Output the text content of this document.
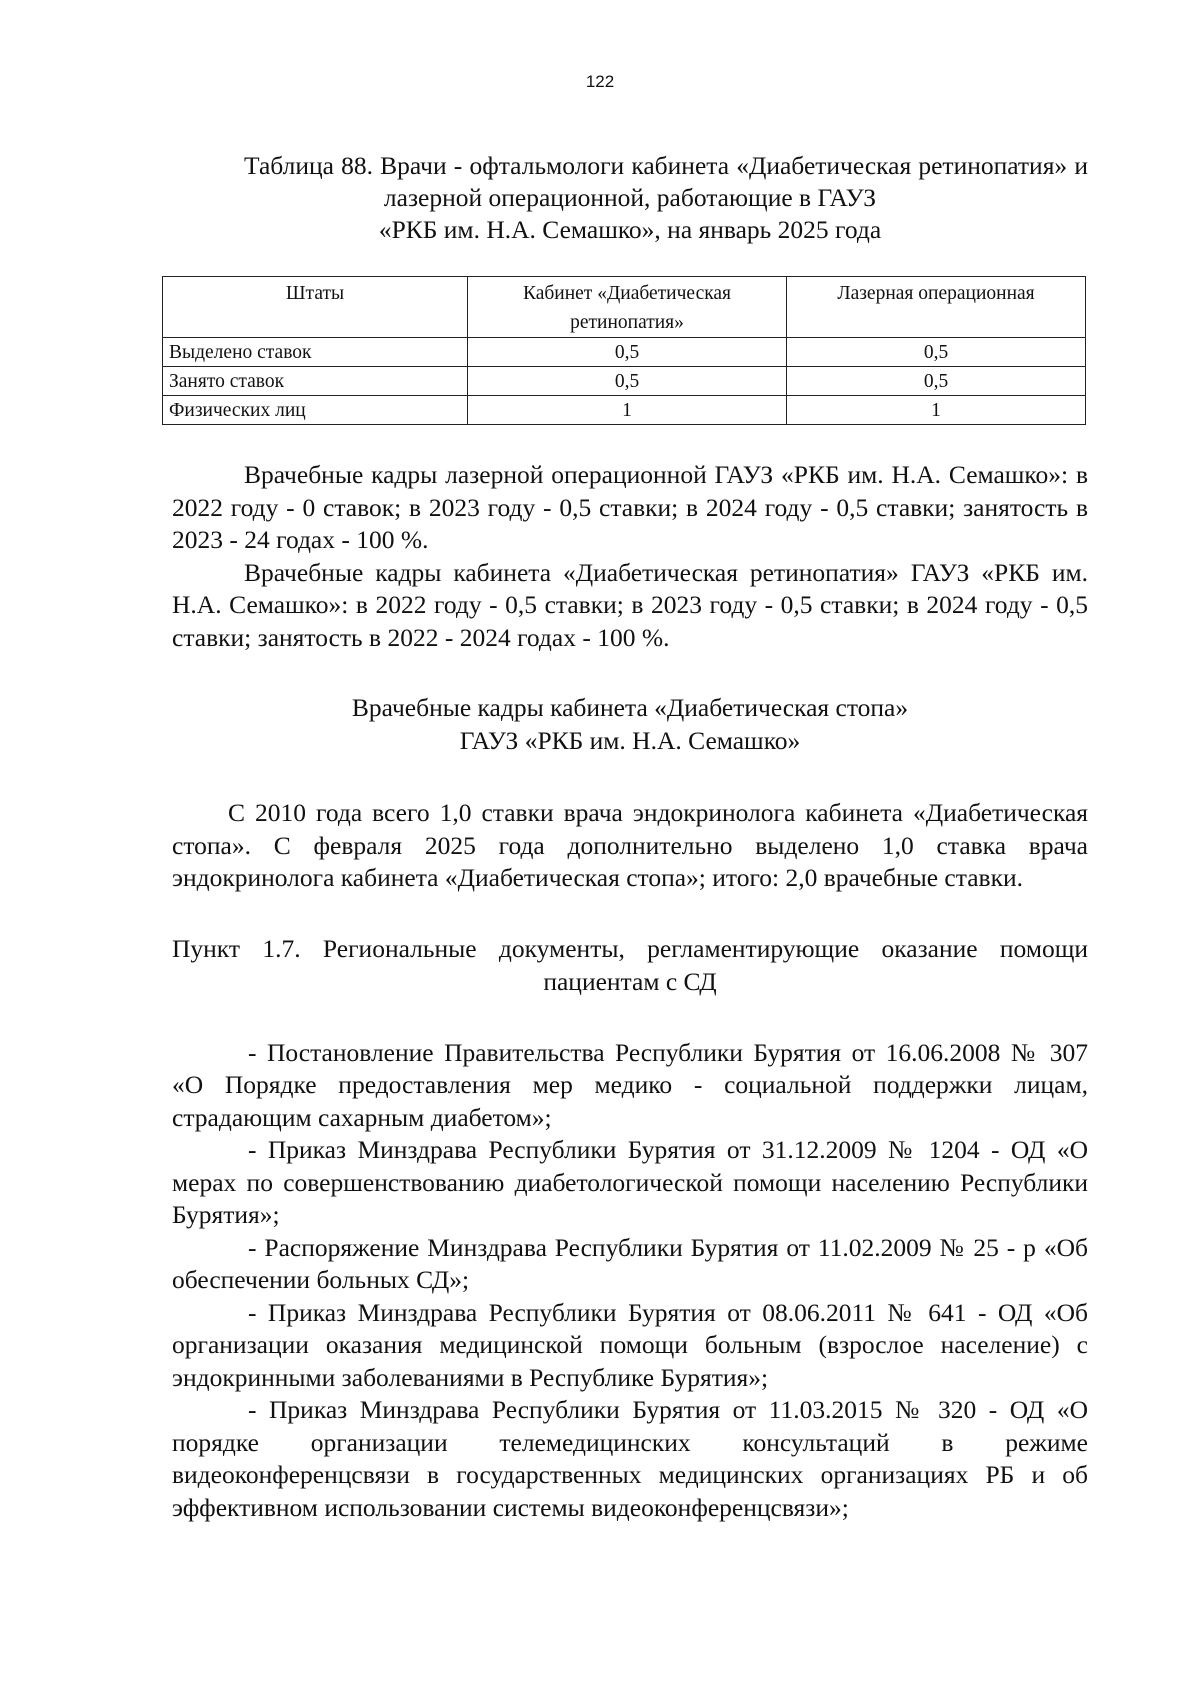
122

Таблица 88. Врачи - офтальмологи кабинета «Диабетическая ретинопатия» и лазерной операционной, работающие в ГАУЗ

«РКБ им. Н.А. Семашко», на январь 2025 года

Штаты	Кабинет «Диабетическая ретинопатия»	Лазерная операционная
Выделено ставок	0,5	0,5
Занято ставок	0,5	0,5
Физических лиц	1	1

Врачебные кадры лазерной операционной ГАУЗ «РКБ им. Н.А. Семашко»: в 2022 году - 0 ставок; в 2023 году - 0,5 ставки; в 2024 году - 0,5 ставки; занятость в 2023 - 24 годах - 100 %.

Врачебные кадры кабинета «Диабетическая ретинопатия» ГАУЗ «РКБ им. Н.А. Семашко»: в 2022 году - 0,5 ставки; в 2023 году - 0,5 ставки; в 2024 году - 0,5 ставки; занятость в 2022 - 2024 годах - 100 %.

Врачебные кадры кабинета «Диабетическая стопа»

ГАУЗ «РКБ им. Н.А. Семашко»

С 2010 года всего 1,0 ставки врача эндокринолога кабинета «Диабетическая стопа». С февраля 2025 года дополнительно выделено 1,0 ставка врача эндокринолога кабинета «Диабетическая стопа»; итого: 2,0 врачебные ставки.

Пункт 1.7. Региональные документы, регламентирующие оказание помощи пациентам с СД

- Постановление Правительства Республики Бурятия от 16.06.2008 № 307 «О Порядке предоставления мер медико - социальной поддержки лицам, страдающим сахарным диабетом»;

- Приказ Минздрава Республики Бурятия от 31.12.2009 № 1204 - ОД «О мерах по совершенствованию диабетологической помощи населению Республики Бурятия»;

- Распоряжение Минздрава Республики Бурятия от 11.02.2009 № 25 - р «Об обеспечении больных СД»;

- Приказ Минздрава Республики Бурятия от 08.06.2011 № 641 - ОД «Об организации оказания медицинской помощи больным (взрослое население) с эндокринными заболеваниями в Республике Бурятия»;

- Приказ Минздрава Республики Бурятия от 11.03.2015 № 320 - ОД «О порядке организации телемедицинских консультаций в режиме видеоконференцсвязи в государственных медицинских организациях РБ и об эффективном использовании системы видеоконференцсвязи»;
